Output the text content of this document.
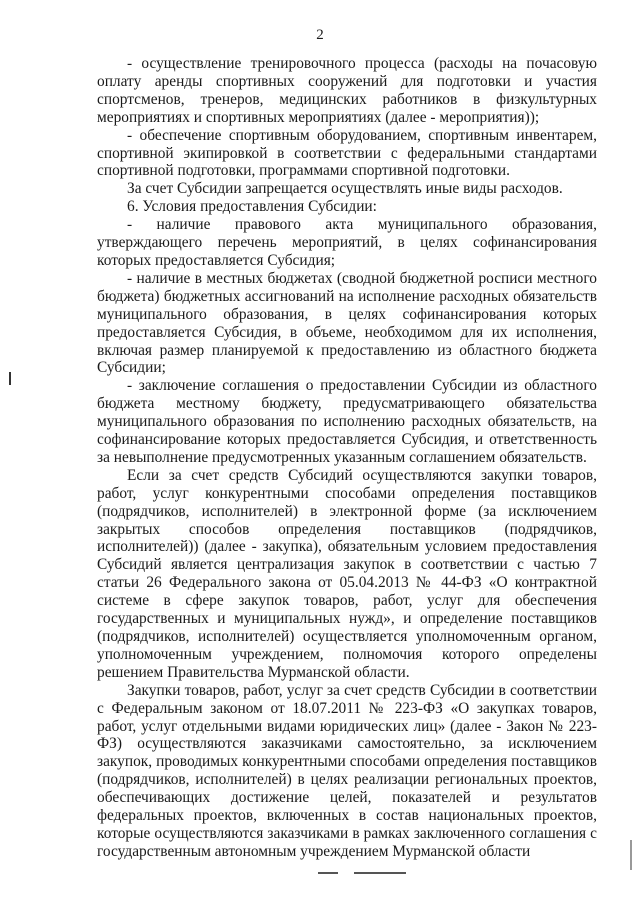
2

- осуществление тренировочного процесса (расходы на почасовую оплату аренды спортивных сооружений для подготовки и участия спортсменов, тренеров, медицинских работников в физкультурных мероприятиях и спортивных мероприятиях (далее - мероприятия));

- обеспечение спортивным оборудованием, спортивным инвентарем, спортивной экипировкой в соответствии с федеральными стандартами спортивной подготовки, программами спортивной подготовки.

За счет Субсидии запрещается осуществлять иные виды расходов.

6. Условия предоставления Субсидии:

- наличие правового акта муниципального образования, утверждающего перечень мероприятий, в целях софинансирования которых предоставляется Субсидия;

- наличие в местных бюджетах (сводной бюджетной росписи местного бюджета) бюджетных ассигнований на исполнение расходных обязательств муниципального образования, в целях софинансирования которых предоставляется Субсидия, в объеме, необходимом для их исполнения, включая размер планируемой к предоставлению из областного бюджета Субсидии;

- заключение соглашения о предоставлении Субсидии из областного бюджета местному бюджету, предусматривающего обязательства муниципального образования по исполнению расходных обязательств, на софинансирование которых предоставляется Субсидия, и ответственность за невыполнение предусмотренных указанным соглашением обязательств.

Если за счет средств Субсидий осуществляются закупки товаров, работ, услуг конкурентными способами определения поставщиков (подрядчиков, исполнителей) в электронной форме (за исключением закрытых способов определения поставщиков (подрядчиков, исполнителей)) (далее - закупка), обязательным условием предоставления Субсидий является централизация закупок в соответствии с частью 7 статьи 26 Федерального закона от 05.04.2013 № 44-ФЗ «О контрактной системе в сфере закупок товаров, работ, услуг для обеспечения государственных и муниципальных нужд», и определение поставщиков (подрядчиков, исполнителей) осуществляется уполномоченным органом, уполномоченным учреждением, полномочия которого определены решением Правительства Мурманской области.

Закупки товаров, работ, услуг за счет средств Субсидии в соответствии с Федеральным законом от 18.07.2011 № 223-ФЗ «О закупках товаров, работ, услуг отдельными видами юридических лиц» (далее - Закон № 223-ФЗ) осуществляются заказчиками самостоятельно, за исключением закупок, проводимых конкурентными способами определения поставщиков (подрядчиков, исполнителей) в целях реализации региональных проектов, обеспечивающих достижение целей, показателей и результатов федеральных проектов, включенных в состав национальных проектов, которые осуществляются заказчиками в рамках заключенного соглашения с государственным автономным учреждением Мурманской области
